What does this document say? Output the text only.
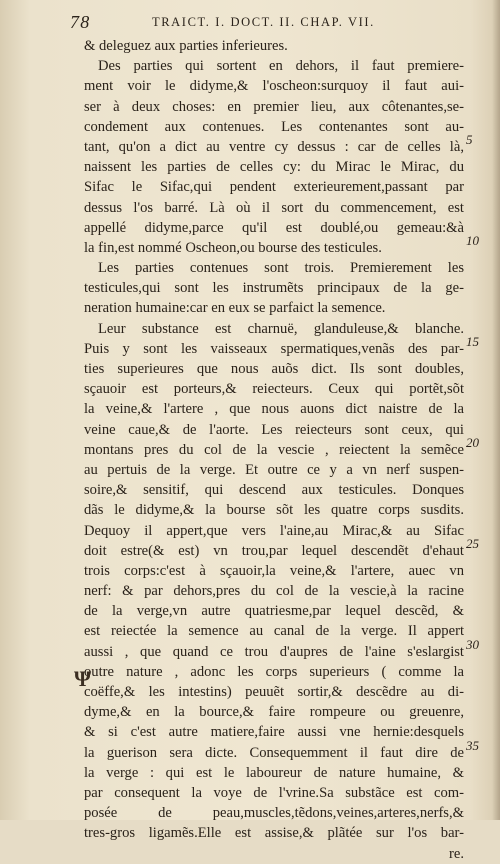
78	TRAICT. I. DOCT. II. CHAP. VII.
& deleguez aux parties inferieures.
Des parties qui sortent en dehors, il faut premiere-
ment voir le didyme,& l'oscheon:surquoy il faut aui-
ser à deux choses: en premier lieu, aux côtenantes,se-
condement aux contenues. Les contenantes sont au-
tant, qu'on a dict au ventre cy dessus : car de celles là,
naissent les parties de celles cy: du Mirac le Mirac, du
Sifac le Sifac,qui pendent exterieurement,passant par
dessus l'os barré. Là où il sort du commencement, est
appellé didyme,parce qu'il est doublé,ou gemeau:&à
la fin,est nommé Oscheon,ou bourse des testicules.
Les parties contenues sont trois. Premierement les
testicules,qui sont les instrumẽts principaux de la ge-
neration humaine:car en eux se parfaict la semence.
Leur substance est charnuë, glanduleuse,& blanche.
Puis y sont les vaisseaux spermatiques,venãs des par-
ties superieures que nous auõs dict. Ils sont doubles,
sçauoir est porteurs,& reiecteurs. Ceux qui portẽt,sõt
la veine,& l'artere , que nous auons dict naistre de la
veine caue,& de l'aorte. Les reiecteurs sont ceux, qui
montans pres du col de la vescie , reiectent la semẽce
au pertuis de la verge. Et outre ce y a vn nerf suspen-
soire,& sensitif, qui descend aux testicules. Donques
dãs le didyme,& la bourse sõt les quatre corps susdits.
Dequoy il appert,que vers l'aine,au Mirac,& au Sifac
doit estre(& est) vn trou,par lequel descendẽt d'ehaut
trois corps:c'est à sçauoir,la veine,& l'artere, auec vn
nerf: & par dehors,pres du col de la vescie,à la racine
de la verge,vn autre quatriesme,par lequel descẽd, &
est reiectée la semence au canal de la verge. Il appert
aussi , que quand ce trou d'aupres de l'aine s'eslargist
outre nature , adonc les corps superieurs ( comme la
coëffe,& les intestins) peuuẽt sortir,& descẽdre au di-
dyme,& en la bource,& faire rompeure ou greuenre,
& si c'est autre matiere,faire aussi vne hernie:desquels
la guerison sera dicte. Consequemment il faut dire de
la verge : qui est le laboureur de nature humaine, &
par consequent la voye de l'vrine.Sa substãce est com-
posée de peau,muscles,tẽdons,veines,arteres,nerfs,&
tres-gros ligamẽs.Elle est assise,& plãtée sur l'os bar-
re.
5
10
15
20
25
30
35
Ψ
